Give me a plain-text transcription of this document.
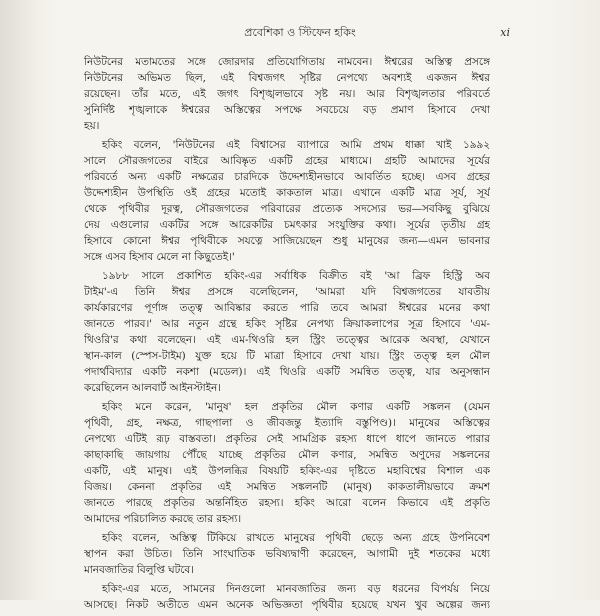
প্রবেশিকা ও স্টিফেন হকিং	xi
নিউটনের মতামতের সঙ্গে জোরদার প্রতিযোগিতায় নামবেন। ঈশ্বরের অস্তিত্ব প্রসঙ্গে
নিউটনের অভিমত ছিল, এই বিশ্বজগৎ সৃষ্টির নেপথ্যে অবশ্যই একজন ঈশ্বর
রয়েছেন। তাঁর মতে, এই জগৎ বিশৃঙ্খলভাবে সৃষ্ট নয়। আর বিশৃঙ্খলতার পরিবর্তে
সুনির্দিষ্ট শৃঙ্খলাকে ঈশ্বরের অস্তিত্বের সপক্ষে সবচেয়ে বড় প্রমাণ হিসাবে দেখা
হয়।
হকিং বলেন, 'নিউটনের এই বিশ্বাসের ব্যাপারে আমি প্রথম ধাক্কা খাই ১৯৯২
সালে সৌরজগতের বাইরে আবিষ্কৃত একটি গ্রহের মাধ্যমে। গ্রহটি আমাদের সূর্যের
পরিবর্তে অন্য একটি নক্ষত্রের চারদিকে উদ্দেশ্যহীনভাবে আবর্তিত হচ্ছে। এসব গ্রহের
উদ্দেশ্যহীন উপস্থিতি ওই গ্রহের মতোই কাকতাল মাত্র। এখানে একটি মাত্র সূর্য, সূর্য
থেকে পৃথিবীর দূরত্ব, সৌরজগতের পরিবারের প্রত্যেক সদস্যের ভর—সবকিছু বুঝিয়ে
দেয় এগুলোর একটির সঙ্গে আরেকটির চমৎকার সংযুক্তির কথা। সূর্যের তৃতীয় গ্রহ
হিসাবে কোনো ঈশ্বর পৃথিবীকে সযত্নে সাজিয়েছেন শুধু মানুষের জন্য—এমন ভাবনার
সঙ্গে এসব হিসাব মেলে না কিছুতেই।'
১৯৮৮ সালে প্রকাশিত হকিং-এর সর্বাধিক বিক্রীত বই 'আ ব্রিফ হিস্ট্রি অব
টাইম'-এ তিনি ঈশ্বর প্রসঙ্গে বলেছিলেন, 'আমরা যদি বিশ্বজগতের যাবতীয়
কার্যকারণের পূর্ণাঙ্গ তত্ত্ব আবিষ্কার করতে পারি তবে আমরা ঈশ্বরের মনের কথা
জানতে পারব।' আর নতুন গ্রন্থে হকিং সৃষ্টির নেপথ্য ক্রিয়াকলাপের সূত্র হিসাবে 'এম-
থিওরি'র কথা বলেছেন। এই এম-থিওরি হল স্ট্রিং তত্ত্বের আরেক অবস্থা, যেখানে
স্থান-কাল (স্পেস-টাইম) যুক্ত হয়ে টি মাত্রা হিসাবে দেখা যায়। স্ট্রিং তত্ত্ব হল মৌল
পদার্থবিদ্যার একটি নকশা (মডেল)। এই থিওরি একটি সমন্বিত তত্ত্ব, যার অনুসন্ধান
করেছিলেন আলবার্ট আইনস্টাইন।
হকিং মনে করেন, 'মানুষ' হল প্রকৃতির মৌল কণার একটি সঙ্কলন (যেমন
পৃথিবী, গ্রহ, নক্ষত্র, গাছপালা ও জীবজন্তু ইত্যাদি বস্তুপিণ্ড)। মানুষের অস্তিত্বের
নেপথ্যে এটিই রূঢ় বাস্তবতা। প্রকৃতির সেই সামগ্রিক রহস্য ধাপে ধাপে জানতে পারার
কাছাকাছি জায়গায় পৌঁছে যাচ্ছে প্রকৃতির মৌল কণার, সমন্বিত অণুদের সঙ্কলনের
একটি, এই মানুষ। এই উপলব্ধির বিষয়টি হকিং-এর দৃষ্টিতে মহাবিশ্বের বিশাল এক
বিজয়। কেননা প্রকৃতির এই সমন্বিত সঙ্কলনটি (মানুষ) কাকতালীয়ভাবে ক্রমশ
জানতে পারছে প্রকৃতির অন্তর্নিহিত রহস্য। হকিং আরো বলেন কিভাবে এই প্রকৃতি
আমাদের পরিচালিত করছে তার রহস্য।
হকিং বলেন, অস্তিত্ব টিকিয়ে রাখতে মানুষের পৃথিবী ছেড়ে অন্য গ্রহে উপনিবেশ
স্থাপন করা উচিত। তিনি সাংঘাতিক ভবিষ্যদ্বাণী করেছেন, আগামী দুই শতকের মধ্যে
মানবজাতির বিলুপ্তি ঘটবে।
হকিং-এর মতে, সামনের দিনগুলো মানবজাতির জন্য বড় ধরনের বিপর্যয় নিয়ে
আসছে। নিকট অতীতে এমন অনেক অভিজ্ঞতা পৃথিবীর হয়েছে যখন খুব অল্পের জন্য
